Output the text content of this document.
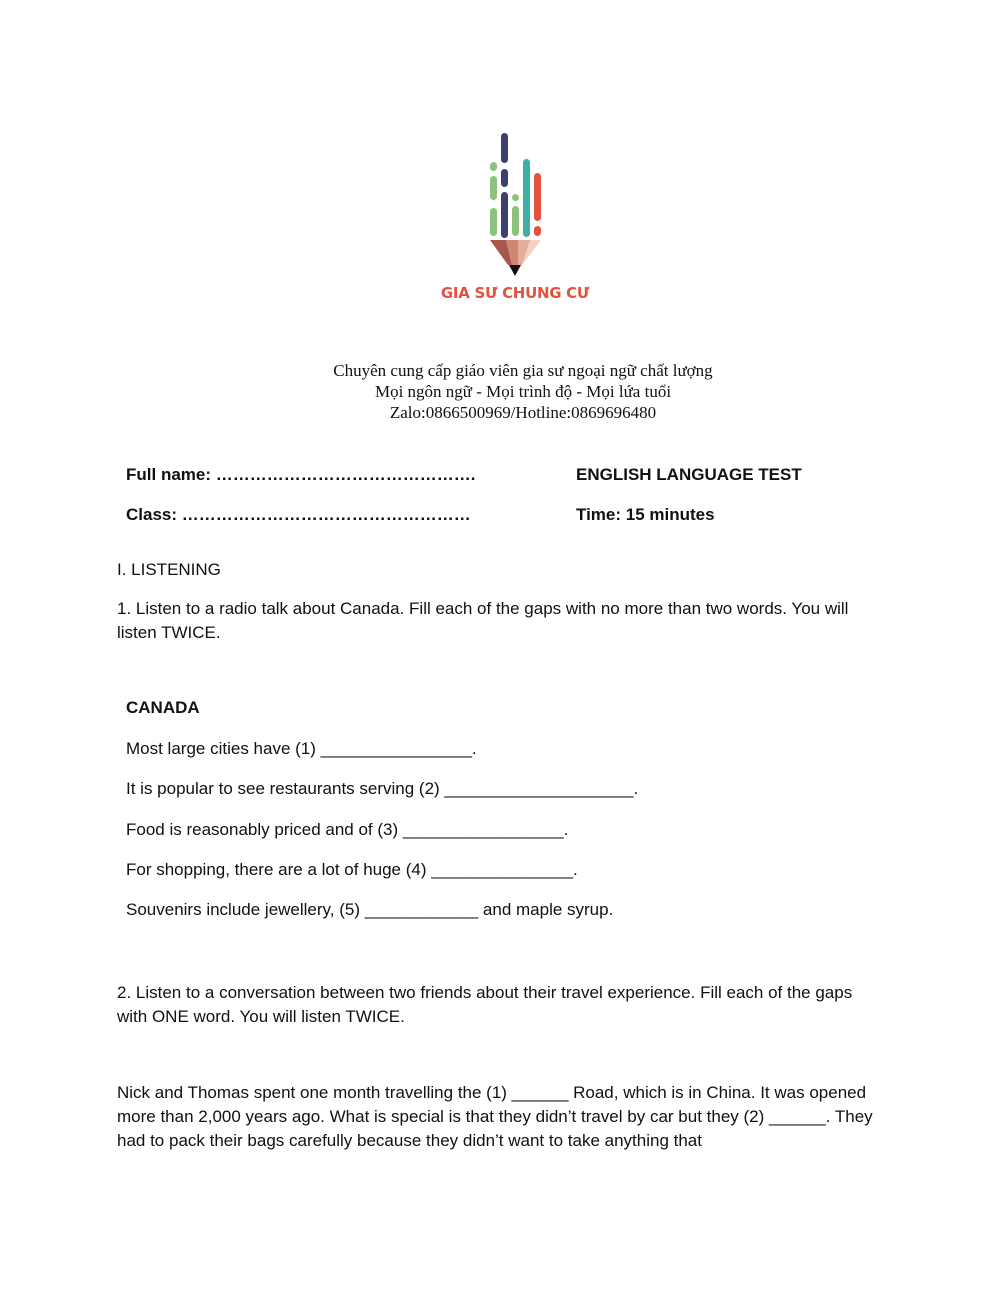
GIA SƯ CHUNG CƯ
Chuyên cung cấp giáo viên gia sư ngoại ngữ chất lượng
Mọi ngôn ngữ - Mọi trình độ - Mọi lứa tuổi
Zalo:0866500969/Hotline:0869696480
Full name: ……………………………………….	ENGLISH LANGUAGE TEST
Class: ……………………………………………	Time: 15 minutes
I. LISTENING
1. Listen to a radio talk about Canada. Fill each of the gaps with no more than two words. You will listen TWICE.
CANADA
Most large cities have (1) ________________.
It is popular to see restaurants serving (2) ____________________.
Food is reasonably priced and of (3) _________________.
For shopping, there are a lot of huge (4) _______________.
Souvenirs include jewellery, (5) ____________ and maple syrup.
2. Listen to a conversation between two friends about their travel experience. Fill each of the gaps with ONE word. You will listen TWICE.
Nick and Thomas spent one month travelling the (1) ______ Road, which is in China. It was opened more than 2,000 years ago. What is special is that they didn’t travel by car but they (2) ______. They had to pack their bags carefully because they didn’t want to take anything that
